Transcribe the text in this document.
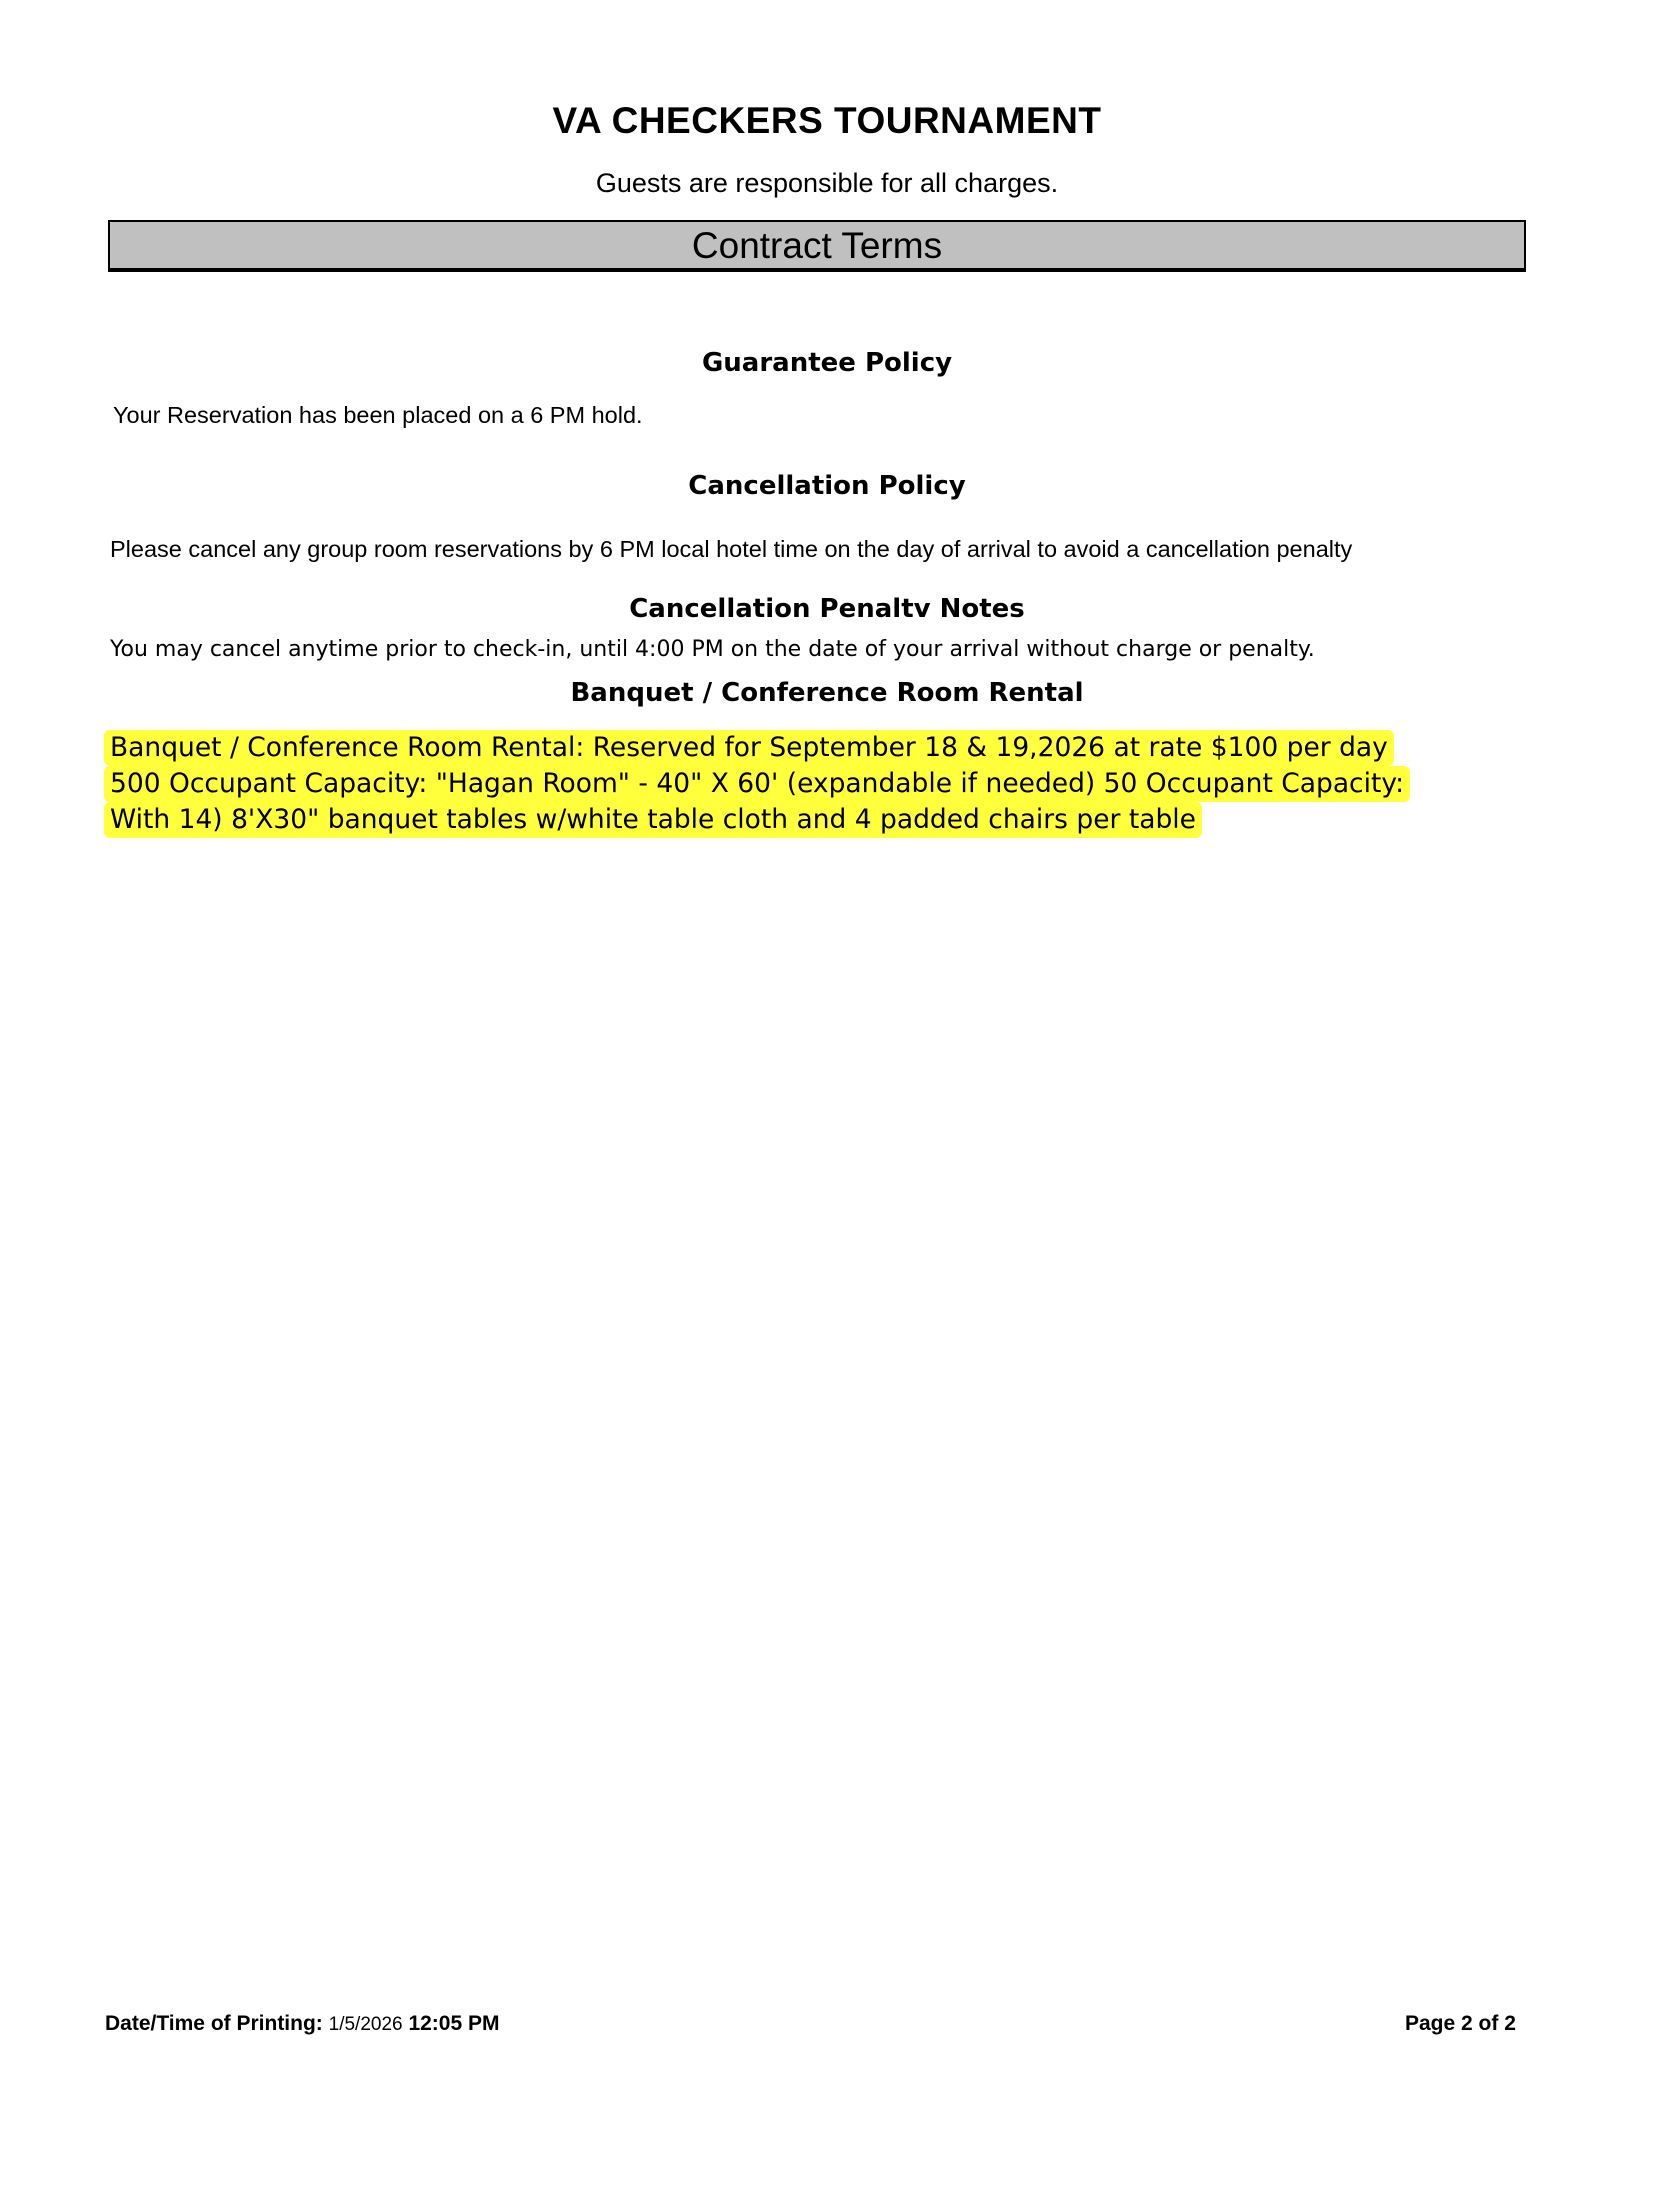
VA CHECKERS TOURNAMENT
Guests are responsible for all charges.
Contract Terms
Guarantee Policy
Your Reservation has been placed on a 6 PM hold.
Cancellation Policy
Please cancel any group room reservations by 6 PM local hotel time on the day of arrival to avoid a cancellation penalty
Cancellation Penaltv Notes
You may cancel anytime prior to check-in, until 4:00 PM on the date of your arrival without charge or penalty.
Banquet / Conference Room Rental
Banquet / Conference Room Rental: Reserved for September 18 & 19,2026 at rate $100 per day
500 Occupant Capacity: "Hagan Room" - 40" X 60' (expandable if needed) 50 Occupant Capacity:
With 14) 8'X30" banquet tables w/white table cloth and 4 padded chairs per table
Date/Time of Printing: 1/5/2026 12:05 PM	Page 2 of 2
